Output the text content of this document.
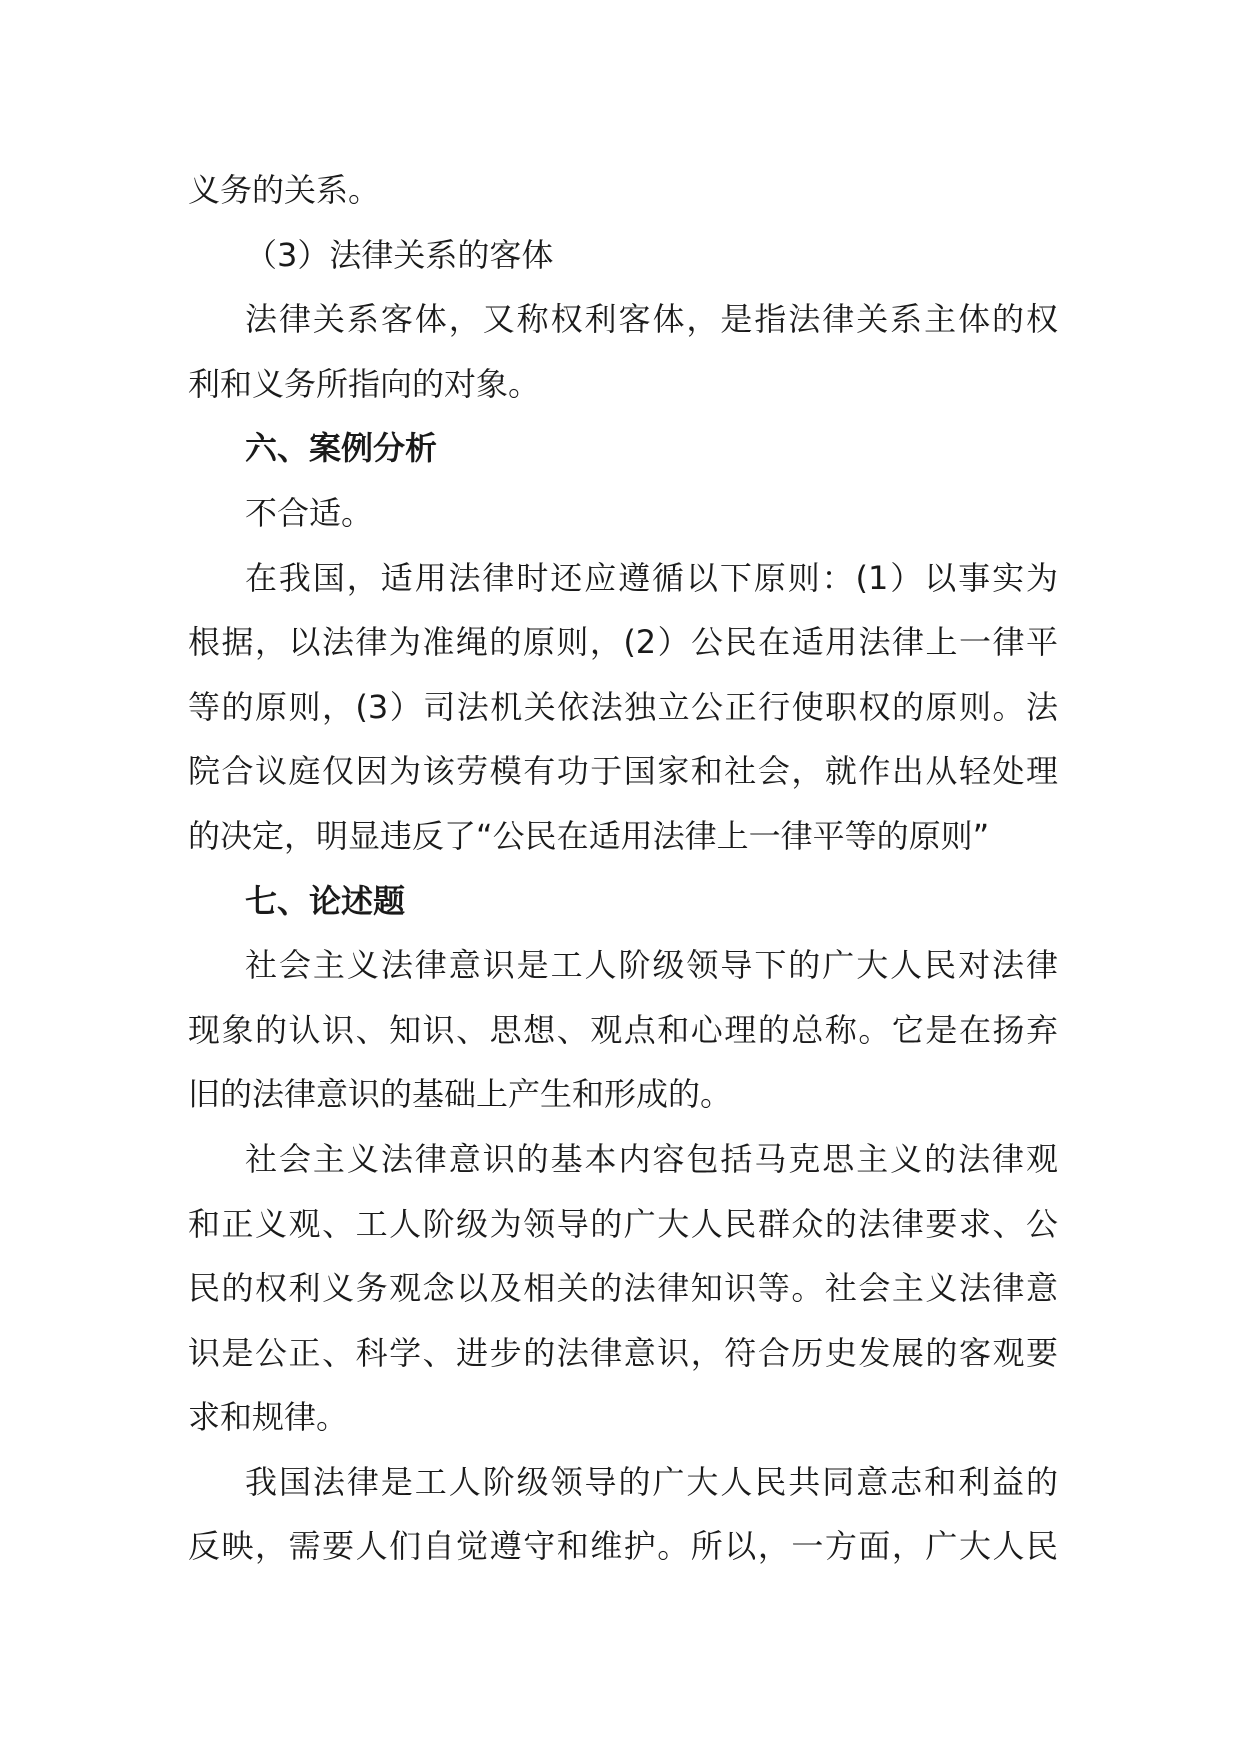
义务的关系。
（3）法律关系的客体
法律关系客体，又称权利客体，是指法律关系主体的权
利和义务所指向的对象。
六、案例分析
不合适。
在我国，适用法律时还应遵循以下原则：(1）以事实为
根据，以法律为准绳的原则，(2）公民在适用法律上一律平
等的原则，(3）司法机关依法独立公正行使职权的原则。法
院合议庭仅因为该劳模有功于国家和社会，就作出从轻处理
的决定，明显违反了“公民在适用法律上一律平等的原则”
七、论述题
社会主义法律意识是工人阶级领导下的广大人民对法律
现象的认识、知识、思想、观点和心理的总称。它是在扬弃
旧的法律意识的基础上产生和形成的。
社会主义法律意识的基本内容包括马克思主义的法律观
和正义观、工人阶级为领导的广大人民群众的法律要求、公
民的权利义务观念以及相关的法律知识等。社会主义法律意
识是公正、科学、进步的法律意识，符合历史发展的客观要
求和规律。
我国法律是工人阶级领导的广大人民共同意志和利益的
反映，需要人们自觉遵守和维护。所以，一方面，广大人民
